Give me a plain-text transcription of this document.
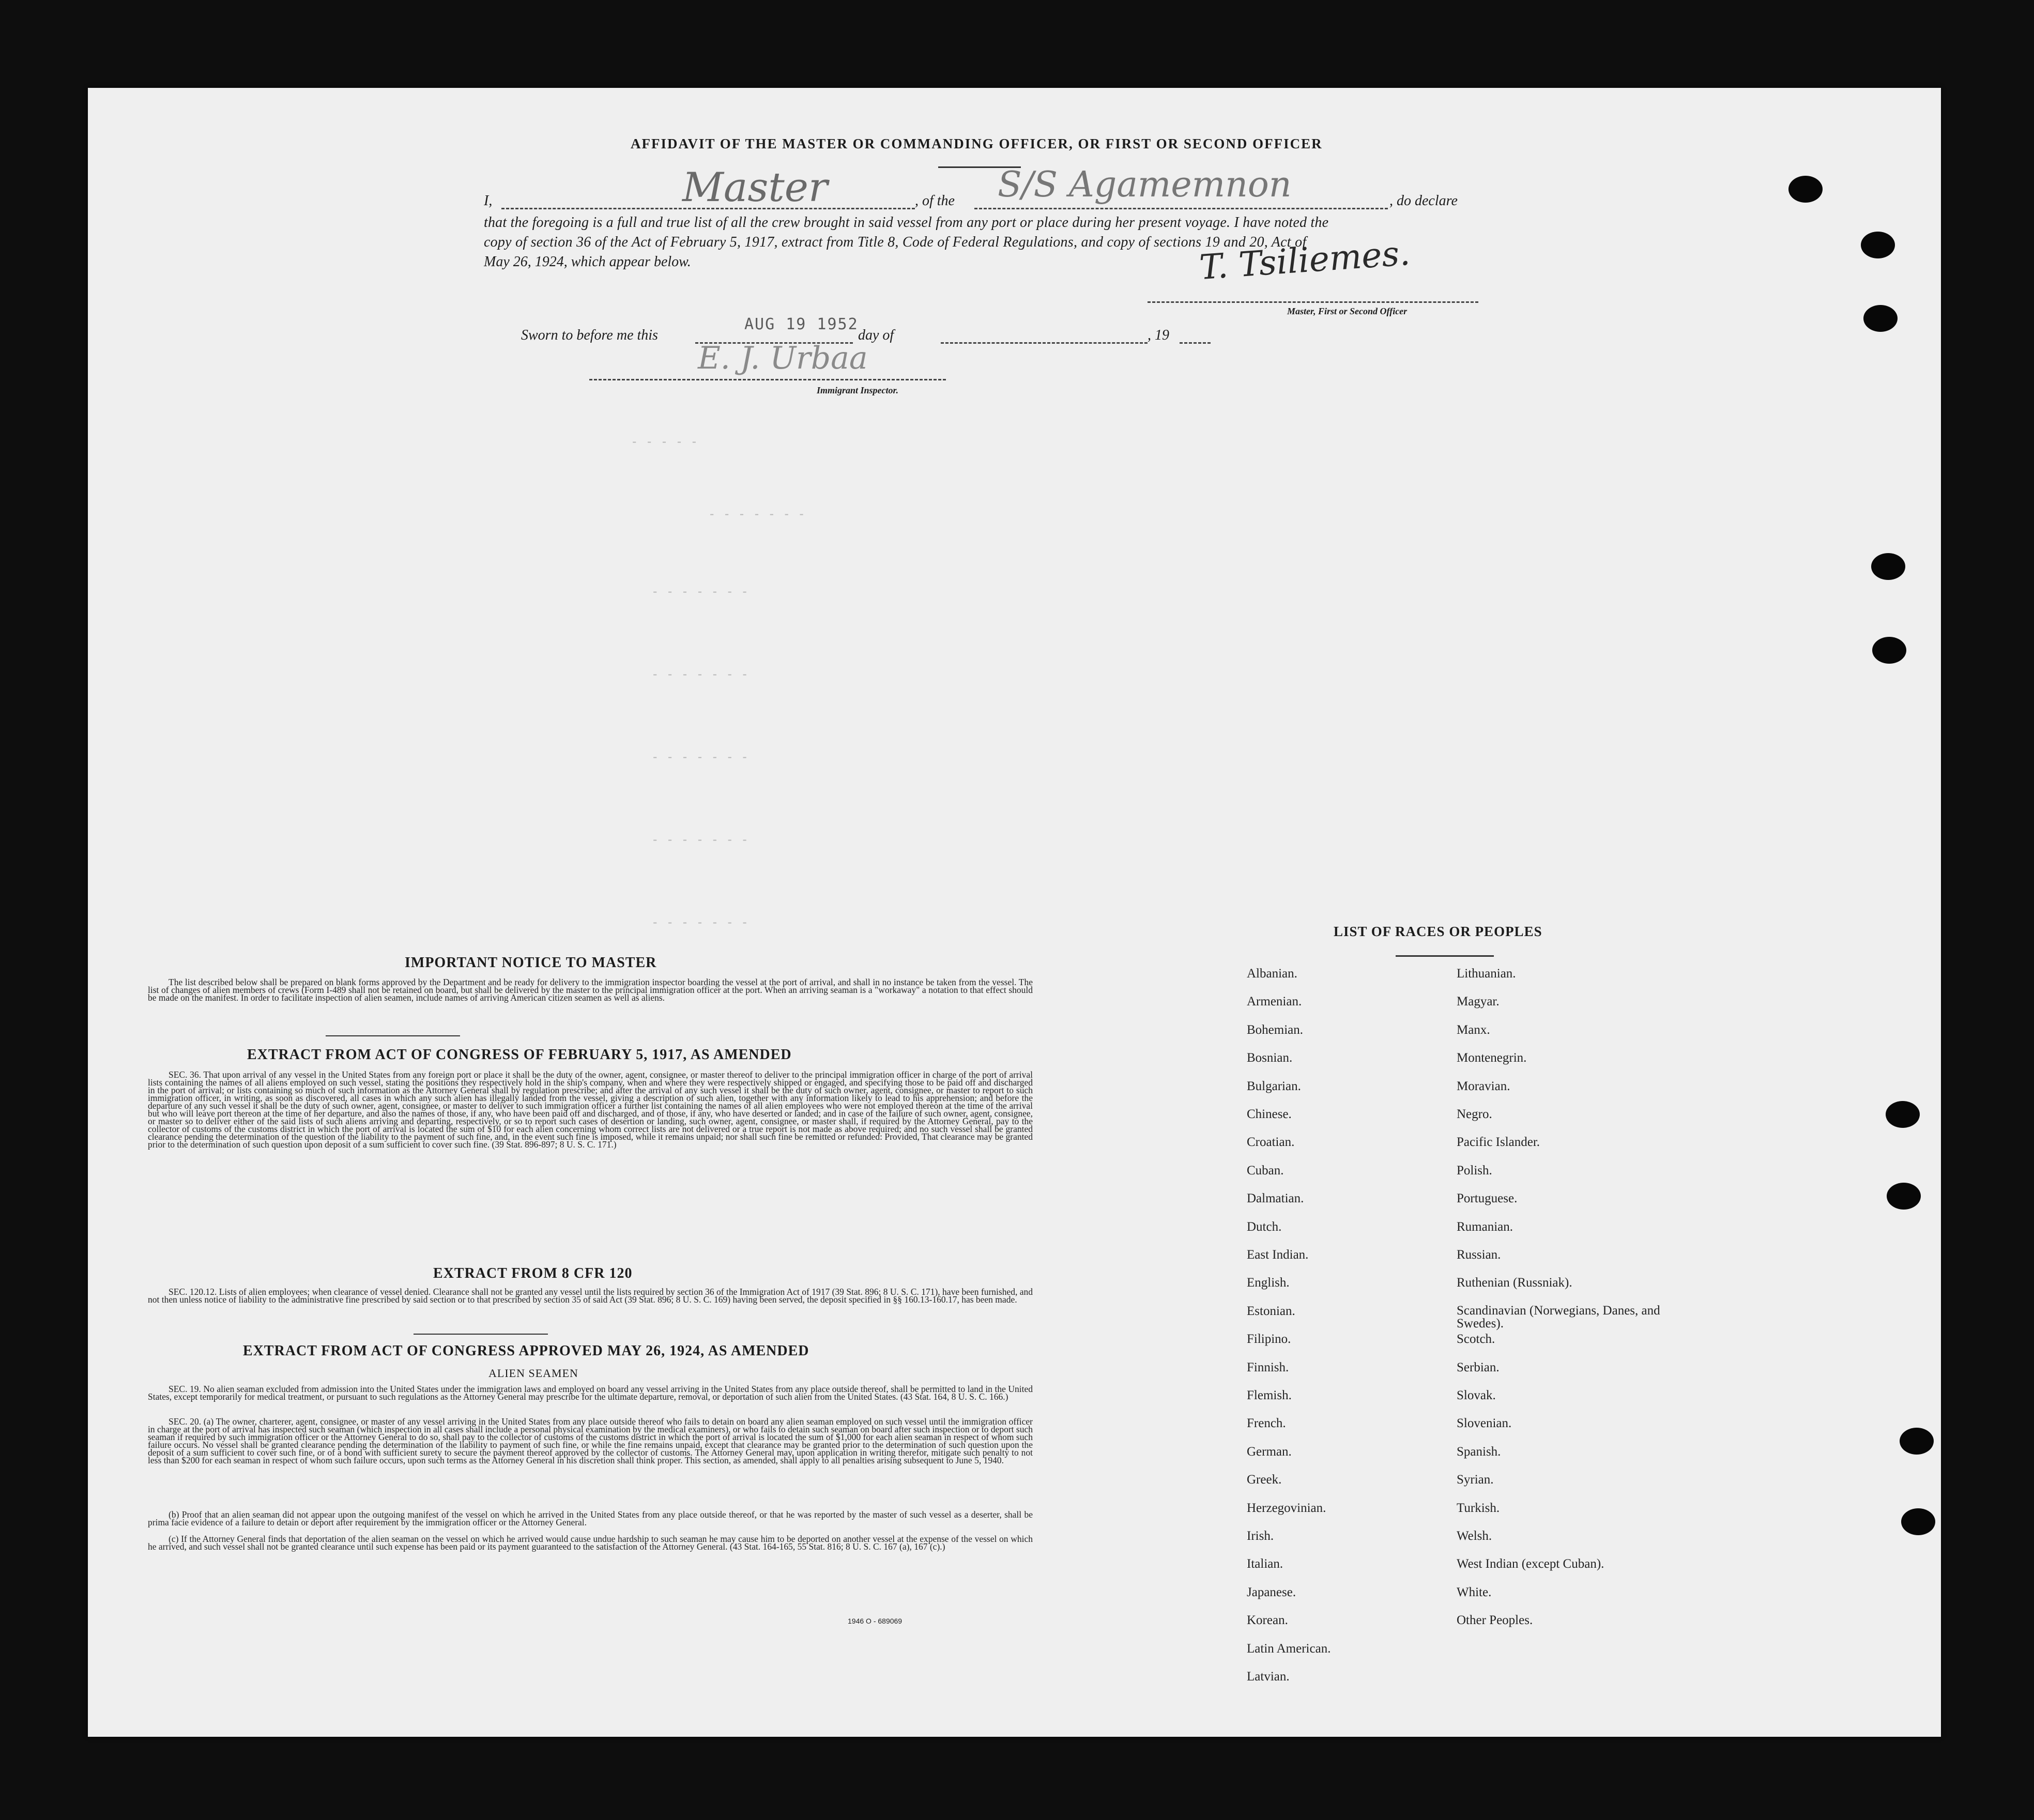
AFFIDAVIT OF THE MASTER OR COMMANDING OFFICER, OR FIRST OR SECOND OFFICER
I,	Master	, of the S/S Agamemnon	, do declare
that the foregoing is a full and true list of all the crew brought in said vessel from any port or place during her present voyage. I have noted the
copy of section 36 of the Act of February 5, 1917, extract from Title 8, Code of Federal Regulations, and copy of sections 19 and 20, Act of
May 26, 1924, which appear below.	T. Tsiliemes.
Master, First or Second Officer
Sworn to before me this
AUG 19 1952
day of	, 19
E. J. Urbaa
Immigrant Inspector.
- - - - -
- - - - - - -
- - - - - - -
- - - - - - -
- - - - - - -
- - - - - - -
- - - - - - -
IMPORTANT NOTICE TO MASTER
The list described below shall be prepared on blank forms approved by the Department and be ready for delivery to the immigration inspector boarding the vessel at the port of arrival, and shall in no instance be taken from the vessel. The list of changes of alien members of crews (Form I-489 shall not be retained on board, but shall be delivered by the master to the principal immigration officer at the port. When an arriving seaman is a "workaway" a notation to that effect should be made on the manifest. In order to facilitate inspection of alien seamen, include names of arriving American citizen seamen as well as aliens.
EXTRACT FROM ACT OF CONGRESS OF FEBRUARY 5, 1917, AS AMENDED
SEC. 36. That upon arrival of any vessel in the United States from any foreign port or place it shall be the duty of the owner, agent, consignee, or master thereof to deliver to the principal immigration officer in charge of the port of arrival lists containing the names of all aliens employed on such vessel, stating the positions they respectively hold in the ship's company, when and where they were respectively shipped or engaged, and specifying those to be paid off and discharged in the port of arrival; or lists containing so much of such information as the Attorney General shall by regulation prescribe; and after the arrival of any such vessel it shall be the duty of such owner, agent, consignee, or master to report to such immigration officer, in writing, as soon as discovered, all cases in which any such alien has illegally landed from the vessel, giving a description of such alien, together with any information likely to lead to his apprehension; and before the departure of any such vessel it shall be the duty of such owner, agent, consignee, or master to deliver to such immigration officer a further list containing the names of all alien employees who were not employed thereon at the time of the arrival but who will leave port thereon at the time of her departure, and also the names of those, if any, who have been paid off and discharged, and of those, if any, who have deserted or landed; and in case of the failure of such owner, agent, consignee, or master so to deliver either of the said lists of such aliens arriving and departing, respectively, or so to report such cases of desertion or landing, such owner, agent, consignee, or master shall, if required by the Attorney General, pay to the collector of customs of the customs district in which the port of arrival is located the sum of $10 for each alien concerning whom correct lists are not delivered or a true report is not made as above required; and no such vessel shall be granted clearance pending the determination of the question of the liability to the payment of such fine, and, in the event such fine is imposed, while it remains unpaid; nor shall such fine be remitted or refunded: Provided, That clearance may be granted prior to the determination of such question upon deposit of a sum sufficient to cover such fine. (39 Stat. 896-897; 8 U. S. C. 171.)
EXTRACT FROM 8 CFR 120
SEC. 120.12. Lists of alien employees; when clearance of vessel denied. Clearance shall not be granted any vessel until the lists required by section 36 of the Immigration Act of 1917 (39 Stat. 896; 8 U. S. C. 171), have been furnished, and not then unless notice of liability to the administrative fine prescribed by said section or to that prescribed by section 35 of said Act (39 Stat. 896; 8 U. S. C. 169) having been served, the deposit specified in §§ 160.13-160.17, has been made.
EXTRACT FROM ACT OF CONGRESS APPROVED MAY 26, 1924, AS AMENDED
ALIEN SEAMEN
SEC. 19. No alien seaman excluded from admission into the United States under the immigration laws and employed on board any vessel arriving in the United States from any place outside thereof, shall be permitted to land in the United States, except temporarily for medical treatment, or pursuant to such regulations as the Attorney General may prescribe for the ultimate departure, removal, or deportation of such alien from the United States. (43 Stat. 164, 8 U. S. C. 166.)
SEC. 20. (a) The owner, charterer, agent, consignee, or master of any vessel arriving in the United States from any place outside thereof who fails to detain on board any alien seaman employed on such vessel until the immigration officer in charge at the port of arrival has inspected such seaman (which inspection in all cases shall include a personal physical examination by the medical examiners), or who fails to detain such seaman on board after such inspection or to deport such seaman if required by such immigration officer or the Attorney General to do so, shall pay to the collector of customs of the customs district in which the port of arrival is located the sum of $1,000 for each alien seaman in respect of whom such failure occurs. No vessel shall be granted clearance pending the determination of the liability to payment of such fine, or while the fine remains unpaid, except that clearance may be granted prior to the determination of such question upon the deposit of a sum sufficient to cover such fine, or of a bond with sufficient surety to secure the payment thereof approved by the collector of customs. The Attorney General may, upon application in writing therefor, mitigate such penalty to not less than $200 for each seaman in respect of whom such failure occurs, upon such terms as the Attorney General in his discretion shall think proper. This section, as amended, shall apply to all penalties arising subsequent to June 5, 1940.
(b) Proof that an alien seaman did not appear upon the outgoing manifest of the vessel on which he arrived in the United States from any place outside thereof, or that he was reported by the master of such vessel as a deserter, shall be prima facie evidence of a failure to detain or deport after requirement by the immigration officer or the Attorney General.
(c) If the Attorney General finds that deportation of the alien seaman on the vessel on which he arrived would cause undue hardship to such seaman he may cause him to be deported on another vessel at the expense of the vessel on which he arrived, and such vessel shall not be granted clearance until such expense has been paid or its payment guaranteed to the satisfaction of the Attorney General. (43 Stat. 164-165, 55 Stat. 816; 8 U. S. C. 167 (a), 167 (c).)
1946 O - 689069
LIST OF RACES OR PEOPLES
Albanian.
Armenian.
Bohemian.
Bosnian.
Bulgarian.
Chinese.
Croatian.
Cuban.
Dalmatian.
Dutch.
East Indian.
English.
Estonian.
Filipino.
Finnish.
Flemish.
French.
German.
Greek.
Herzegovinian.
Irish.
Italian.
Japanese.
Korean.
Latin American.
Latvian.
Lithuanian.
Magyar.
Manx.
Montenegrin.
Moravian.
Negro.
Pacific Islander.
Polish.
Portuguese.
Rumanian.
Russian.
Ruthenian (Russniak).
Scandinavian (Norwegians, Danes, and Swedes).
Scotch.
Serbian.
Slovak.
Slovenian.
Spanish.
Syrian.
Turkish.
Welsh.
West Indian (except Cuban).
White.
Other Peoples.
